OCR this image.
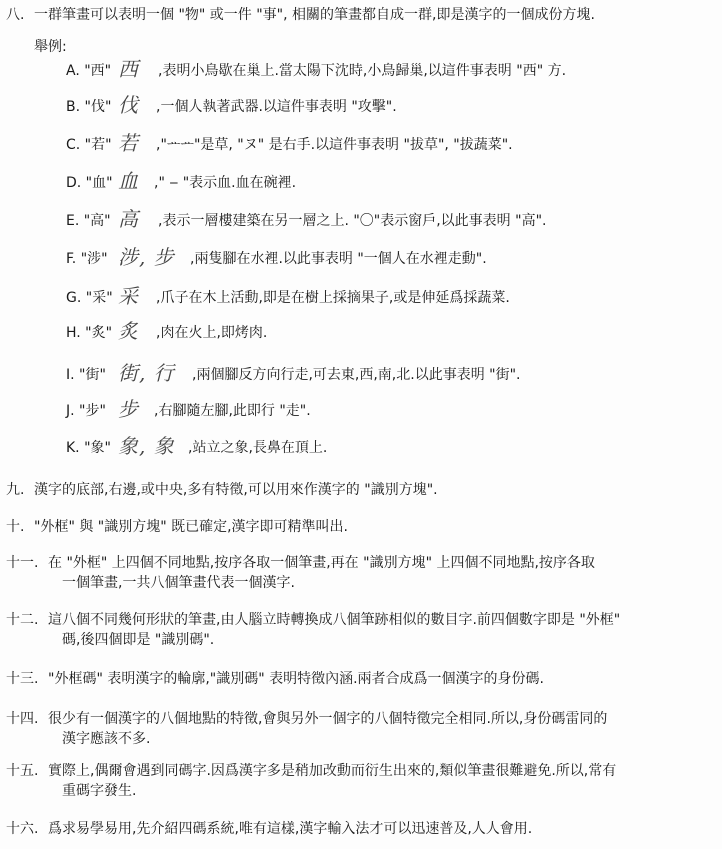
八. 一群筆畫可以表明一個 "物" 或一件 "事", 相關的筆畫都自成一群,即是漢字的一個成份方塊.
舉例:
A. "西" 西 ,表明小鳥歇在巢上.當太陽下沈時,小鳥歸巢,以這件事表明 "西" 方.
B. "伐" 伐 ,一個人執著武器.以這件事表明 "攻擊".
C. "若" 若 ,"ᅭᅭ"是草, "ヌ" 是右手.以這件事表明 "拔草", "拔蔬菜".
D. "血" 血 ," ‒ "表示血.血在碗裡.
E. "高" 高 ,表示一層樓建築在另一層之上. "〇"表示窗戶,以此事表明 "高".
F. "涉" 涉, 步 ,兩隻腳在水裡.以此事表明 "一個人在水裡走動".
G. "采" 采 ,爪子在木上活動,即是在樹上採摘果子,或是伸延爲採蔬菜.
H. "炙" 炙 ,肉在火上,即烤肉.
I. "街" 街, 行 ,兩個腳反方向行走,可去東,西,南,北.以此事表明 "街".
J. "步" 步 ,右腳隨左腳,此即行 "走".
K. "象" 象, 象 ,站立之象,長鼻在頂上.
九. 漢字的底部,右邊,或中央,多有特徵,可以用來作漢字的 "識別方塊".
十. "外框" 與 "識別方塊" 既已確定,漢字即可精準叫出.
十一. 在 "外框" 上四個不同地點,按序各取一個筆畫,再在 "識別方塊" 上四個不同地點,按序各取
一個筆畫,一共八個筆畫代表一個漢字.
十二. 這八個不同幾何形狀的筆畫,由人腦立時轉換成八個筆跡相似的數目字.前四個數字即是 "外框"
碼,後四個即是 "識別碼".
十三. "外框碼" 表明漢字的輪廓,"識別碼" 表明特徵內涵.兩者合成爲一個漢字的身份碼.
十四. 很少有一個漢字的八個地點的特徵,會與另外一個字的八個特徵完全相同.所以,身份碼雷同的
漢字應該不多.
十五. 實際上,偶爾會遇到同碼字.因爲漢字多是稍加改動而衍生出來的,類似筆畫很難避免.所以,常有
重碼字發生.
十六. 爲求易學易用,先介紹四碼系統,唯有這樣,漢字輸入法才可以迅速普及,人人會用.
